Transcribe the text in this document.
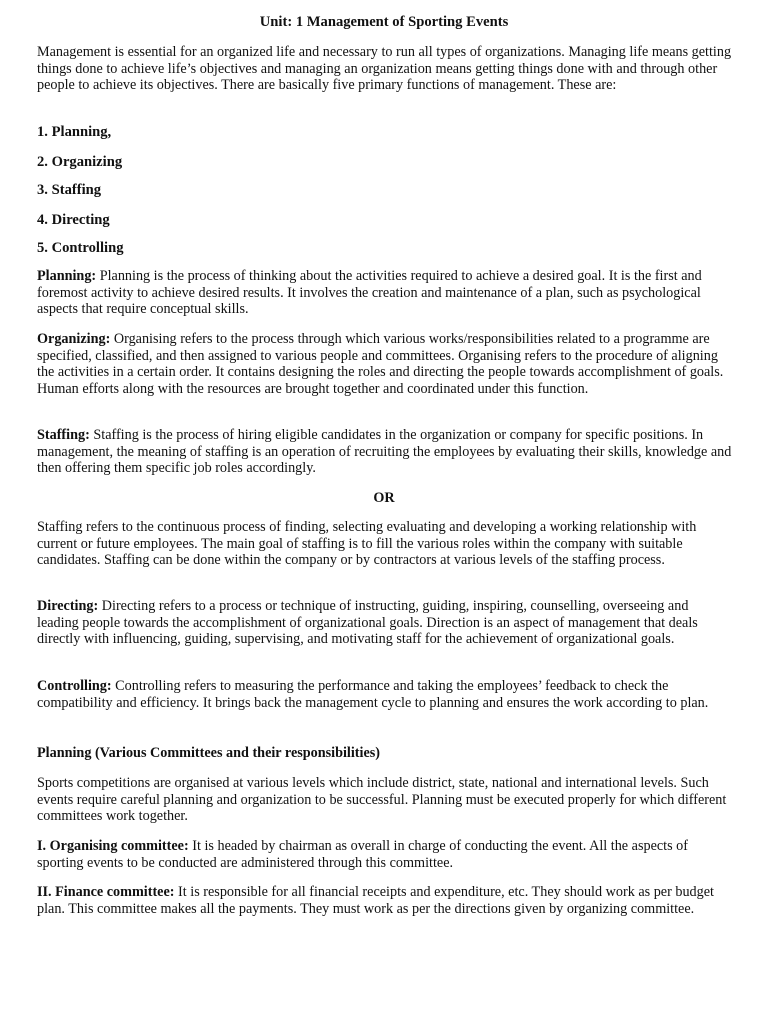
Unit: 1 Management of Sporting Events

Management is essential for an organized life and necessary to run all types of organizations. Managing life means getting things done to achieve life’s objectives and managing an organization means getting things done with and through other people to achieve its objectives. There are basically five primary functions of management. These are:

1. Planning,
2. Organizing
3. Staffing
4. Directing
5. Controlling

Planning: Planning is the process of thinking about the activities required to achieve a desired goal. It is the first and foremost activity to achieve desired results. It involves the creation and maintenance of a plan, such as psychological aspects that require conceptual skills.

Organizing: Organising refers to the process through which various works/responsibilities related to a programme are specified, classified, and then assigned to various people and committees. Organising refers to the procedure of aligning the activities in a certain order. It contains designing the roles and directing the people towards accomplishment of goals. Human efforts along with the resources are brought together and coordinated under this function.

Staffing: Staffing is the process of hiring eligible candidates in the organization or company for specific positions. In management, the meaning of staffing is an operation of recruiting the employees by evaluating their skills, knowledge and then offering them specific job roles accordingly.

OR

Staffing refers to the continuous process of finding, selecting evaluating and developing a working relationship with current or future employees. The main goal of staffing is to fill the various roles within the company with suitable candidates. Staffing can be done within the company or by contractors at various levels of the staffing process.

Directing: Directing refers to a process or technique of instructing, guiding, inspiring, counselling, overseeing and leading people towards the accomplishment of organizational goals. Direction is an aspect of management that deals directly with influencing, guiding, supervising, and motivating staff for the achievement of organizational goals.

Controlling: Controlling refers to measuring the performance and taking the employees’ feedback to check the compatibility and efficiency. It brings back the management cycle to planning and ensures the work according to plan.

Planning (Various Committees and their responsibilities)

Sports competitions are organised at various levels which include district, state, national and international levels. Such events require careful planning and organization to be successful. Planning must be executed properly for which different committees work together.

I. Organising committee: It is headed by chairman as overall in charge of conducting the event. All the aspects of sporting events to be conducted are administered through this committee.

II. Finance committee: It is responsible for all financial receipts and expenditure, etc. They should work as per budget plan. This committee makes all the payments. They must work as per the directions given by organizing committee.
